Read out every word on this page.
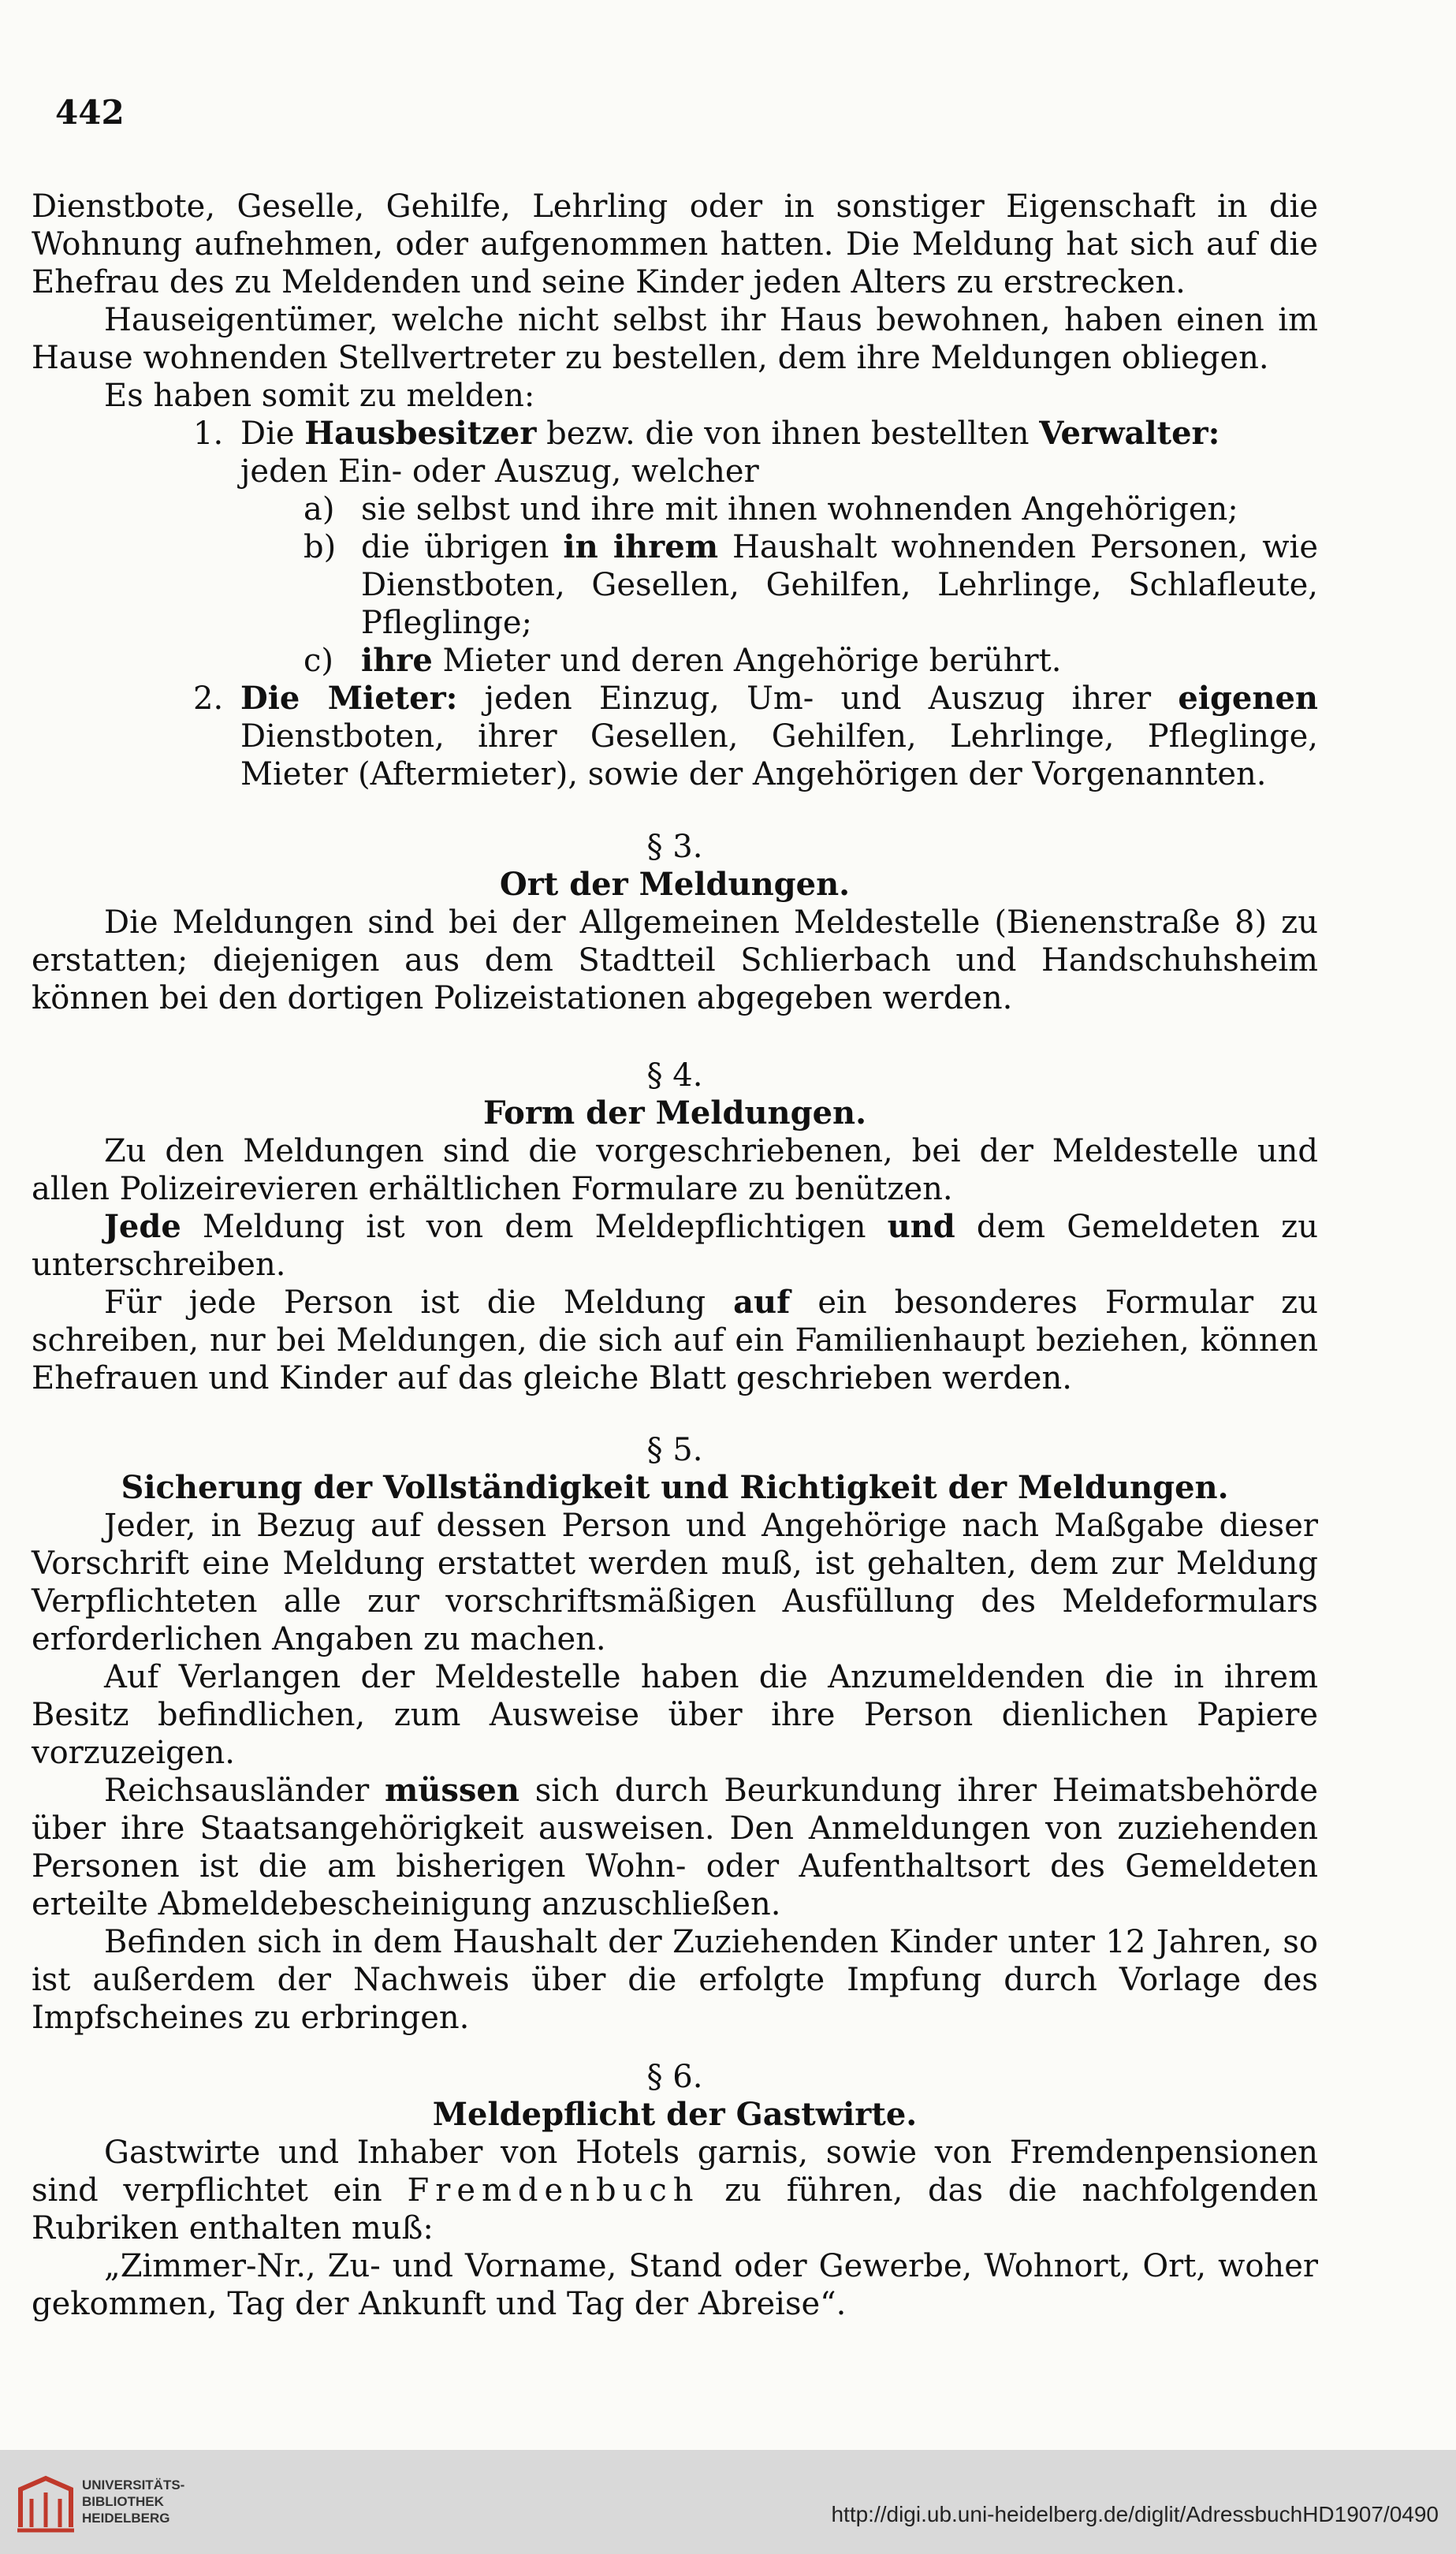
442

Dienstbote, Geselle, Gehilfe, Lehrling oder in sonstiger Eigenschaft in die Wohnung aufnehmen, oder aufgenommen hatten. Die Meldung hat sich auf die Ehefrau des zu Meldenden und seine Kinder jeden Alters zu erstrecken.

Hauseigentümer, welche nicht selbst ihr Haus bewohnen, haben einen im Hause wohnenden Stellvertreter zu bestellen, dem ihre Meldungen obliegen.

Es haben somit zu melden:

1. Die Hausbesitzer bezw. die von ihnen bestellten Verwalter:

jeden Ein- oder Auszug, welcher

a) sie selbst und ihre mit ihnen wohnenden Angehörigen;

b) die übrigen in ihrem Haushalt wohnenden Personen, wie Dienstboten, Gesellen, Gehilfen, Lehrlinge, Schlafleute, Pfleglinge;

c) ihre Mieter und deren Angehörige berührt.

2. Die Mieter: jeden Einzug, Um- und Auszug ihrer eigenen Dienstboten, ihrer Gesellen, Gehilfen, Lehrlinge, Pfleglinge, Mieter (Aftermieter), sowie der Angehörigen der Vorgenannten.

§ 3.

Ort der Meldungen.

Die Meldungen sind bei der Allgemeinen Meldestelle (Bienenstraße 8) zu erstatten; diejenigen aus dem Stadtteil Schlierbach und Handschuhsheim können bei den dortigen Polizeistationen abgegeben werden.

§ 4.

Form der Meldungen.

Zu den Meldungen sind die vorgeschriebenen, bei der Meldestelle und allen Polizeirevieren erhältlichen Formulare zu benützen.

Jede Meldung ist von dem Meldepflichtigen und dem Gemeldeten zu unterschreiben.

Für jede Person ist die Meldung auf ein besonderes Formular zu schreiben, nur bei Meldungen, die sich auf ein Familienhaupt beziehen, können Ehefrauen und Kinder auf das gleiche Blatt geschrieben werden.

§ 5.

Sicherung der Vollständigkeit und Richtigkeit der Meldungen.

Jeder, in Bezug auf dessen Person und Angehörige nach Maßgabe dieser Vorschrift eine Meldung erstattet werden muß, ist gehalten, dem zur Meldung Verpflichteten alle zur vorschriftsmäßigen Ausfüllung des Meldeformulars erforderlichen Angaben zu machen.

Auf Verlangen der Meldestelle haben die Anzumeldenden die in ihrem Besitz befindlichen, zum Ausweise über ihre Person dienlichen Papiere vorzuzeigen.

Reichsausländer müssen sich durch Beurkundung ihrer Heimatsbehörde über ihre Staatsangehörigkeit ausweisen. Den Anmeldungen von zuziehenden Personen ist die am bisherigen Wohn- oder Aufenthaltsort des Gemeldeten erteilte Abmeldebescheinigung anzuschließen.

Befinden sich in dem Haushalt der Zuziehenden Kinder unter 12 Jahren, so ist außerdem der Nachweis über die erfolgte Impfung durch Vorlage des Impfscheines zu erbringen.

§ 6.

Meldepflicht der Gastwirte.

Gastwirte und Inhaber von Hotels garnis, sowie von Fremdenpensionen sind verpflichtet ein Fremdenbuch zu führen, das die nachfolgenden Rubriken enthalten muß:

„Zimmer-Nr., Zu- und Vorname, Stand oder Gewerbe, Wohnort, Ort, woher gekommen, Tag der Ankunft und Tag der Abreise“.

UNIVERSITÄTS-
BIBLIOTHEK
HEIDELBERG	http://digi.ub.uni-heidelberg.de/diglit/AdressbuchHD1907/0490
